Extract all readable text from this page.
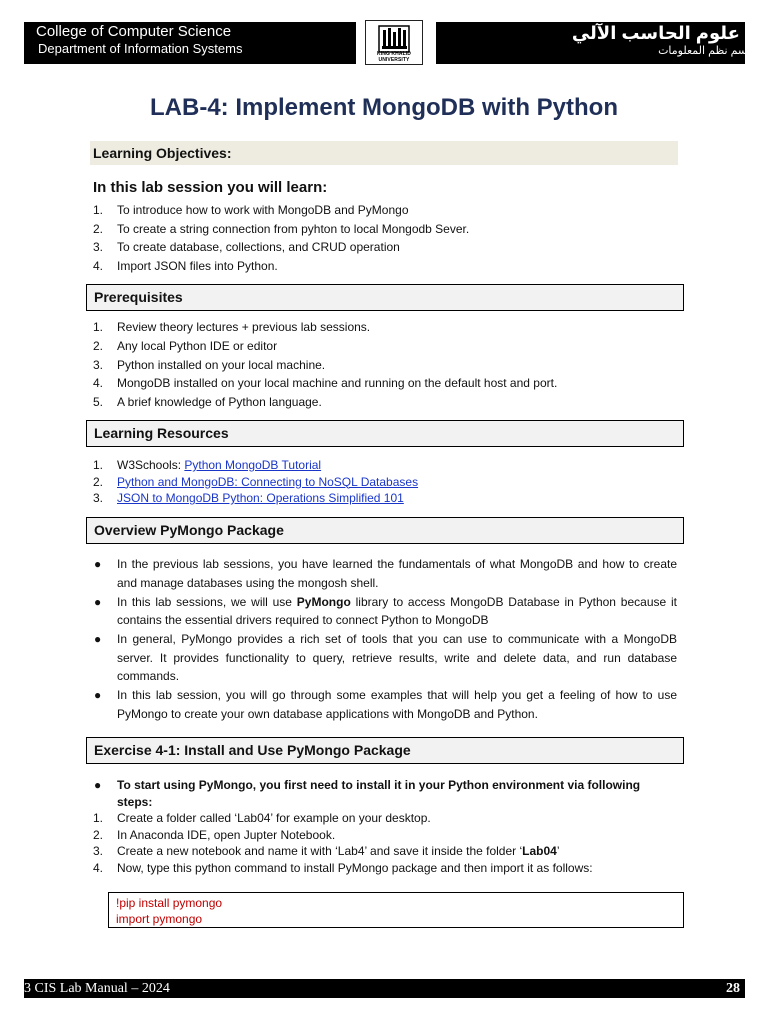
College of Computer Science
Department of Information Systems	KING KHALID UNIVERSITY
كلية علوم الحاسب الآلي
قسم نظم المعلومات
LAB-4: Implement MongoDB with Python
Learning Objectives:
In this lab session you will learn:
1. To introduce how to work with MongoDB and PyMongo
2. To create a string connection from pyhton to local Mongodb Sever.
3. To create database, collections, and CRUD operation
4. Import JSON files into Python.
Prerequisites
1. Review theory lectures + previous lab sessions.
2. Any local Python IDE or editor
3. Python installed on your local machine.
4. MongoDB installed on your local machine and running on the default host and port.
5. A brief knowledge of Python language.
Learning Resources
1. W3Schools: Python MongoDB Tutorial
2. Python and MongoDB: Connecting to NoSQL Databases
3. JSON to MongoDB Python: Operations Simplified 101
Overview PyMongo Package
● In the previous lab sessions, you have learned the fundamentals of what MongoDB and how to create and manage databases using the mongosh shell.
● In this lab sessions, we will use PyMongo library to access MongoDB Database in Python because it contains the essential drivers required to connect Python to MongoDB
● In general, PyMongo provides a rich set of tools that you can use to communicate with a MongoDB server. It provides functionality to query, retrieve results, write and delete data, and run database commands.
● In this lab session, you will go through some examples that will help you get a feeling of how to use PyMongo to create your own database applications with MongoDB and Python.
Exercise 4-1: Install and Use PyMongo Package
● To start using PyMongo, you first need to install it in your Python environment via following steps:
1. Create a folder called ‘Lab04’ for example on your desktop.
2. In Anaconda IDE, open Jupter Notebook.
3. Create a new notebook and name it with ‘Lab4’ and save it inside the folder ‘Lab04’
4. Now, type this python command to install PyMongo package and then import it as follows:
!pip install pymongo
import pymongo
3 CIS Lab Manual – 2024	28
